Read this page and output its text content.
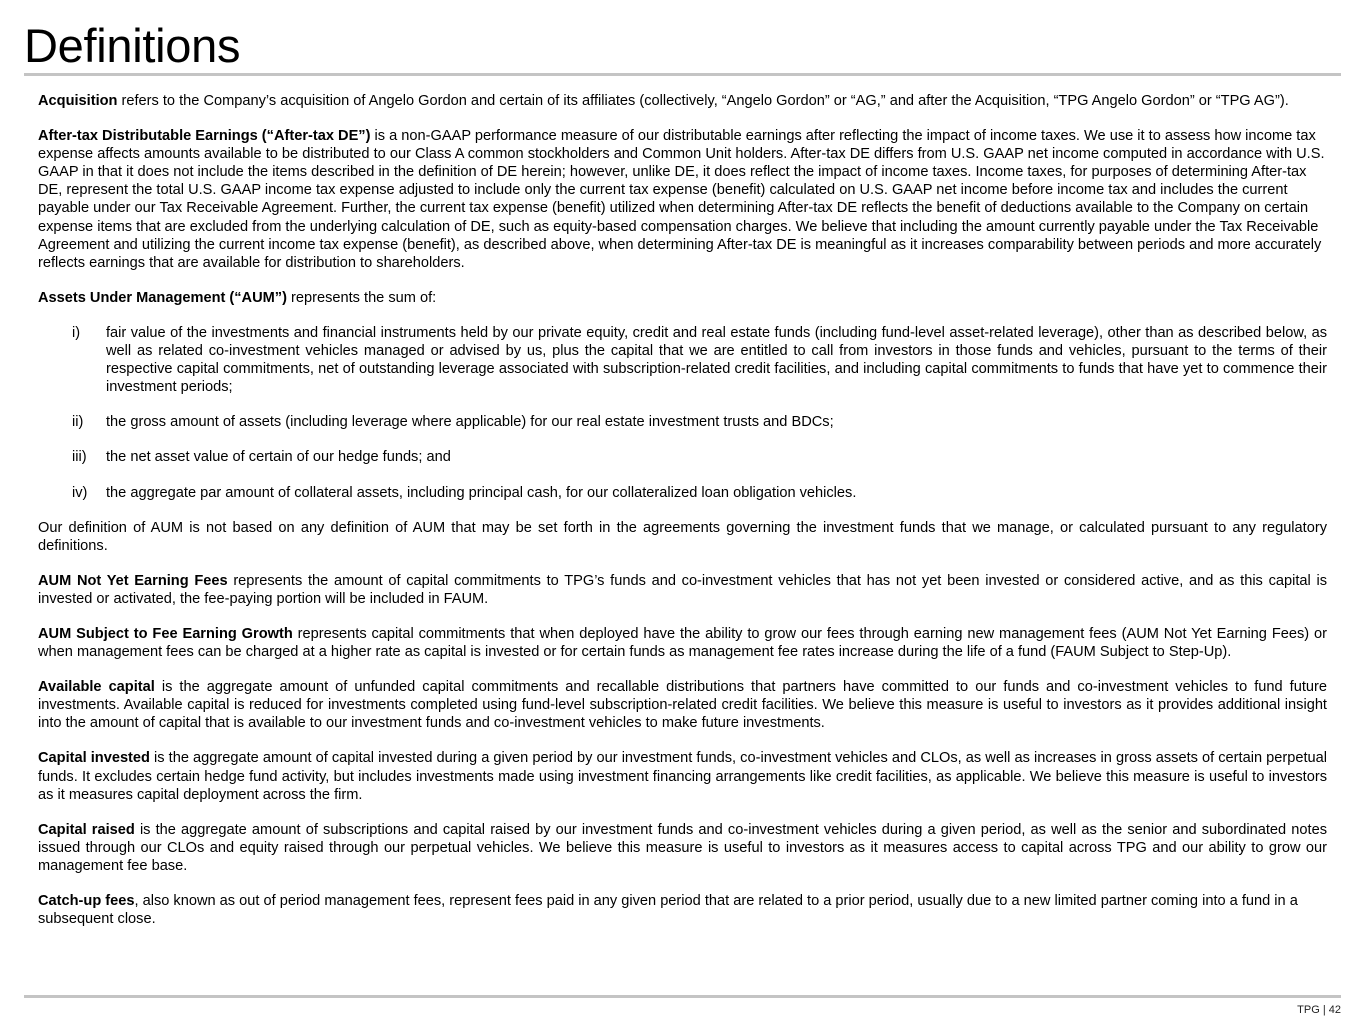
Definitions

Acquisition refers to the Company’s acquisition of Angelo Gordon and certain of its affiliates (collectively, “Angelo Gordon” or “AG,” and after the Acquisition, “TPG Angelo Gordon” or “TPG AG”).

After-tax Distributable Earnings (“After-tax DE”) is a non-GAAP performance measure of our distributable earnings after reflecting the impact of income taxes. We use it to assess how income tax expense affects amounts available to be distributed to our Class A common stockholders and Common Unit holders. After-tax DE differs from U.S. GAAP net income computed in accordance with U.S. GAAP in that it does not include the items described in the definition of DE herein; however, unlike DE, it does reflect the impact of income taxes. Income taxes, for purposes of determining After-tax DE, represent the total U.S. GAAP income tax expense adjusted to include only the current tax expense (benefit) calculated on U.S. GAAP net income before income tax and includes the current payable under our Tax Receivable Agreement. Further, the current tax expense (benefit) utilized when determining After-tax DE reflects the benefit of deductions available to the Company on certain expense items that are excluded from the underlying calculation of DE, such as equity-based compensation charges. We believe that including the amount currently payable under the Tax Receivable Agreement and utilizing the current income tax expense (benefit), as described above, when determining After-tax DE is meaningful as it increases comparability between periods and more accurately reflects earnings that are available for distribution to shareholders.

Assets Under Management (“AUM”) represents the sum of:

i)	fair value of the investments and financial instruments held by our private equity, credit and real estate funds (including fund-level asset-related leverage), other than as described below, as well as related co-investment vehicles managed or advised by us, plus the capital that we are entitled to call from investors in those funds and vehicles, pursuant to the terms of their respective capital commitments, net of outstanding leverage associated with subscription-related credit facilities, and including capital commitments to funds that have yet to commence their investment periods;
ii)	the gross amount of assets (including leverage where applicable) for our real estate investment trusts and BDCs;
iii)	the net asset value of certain of our hedge funds; and
iv)	the aggregate par amount of collateral assets, including principal cash, for our collateralized loan obligation vehicles.

Our definition of AUM is not based on any definition of AUM that may be set forth in the agreements governing the investment funds that we manage, or calculated pursuant to any regulatory definitions.

AUM Not Yet Earning Fees represents the amount of capital commitments to TPG’s funds and co-investment vehicles that has not yet been invested or considered active, and as this capital is invested or activated, the fee-paying portion will be included in FAUM.

AUM Subject to Fee Earning Growth represents capital commitments that when deployed have the ability to grow our fees through earning new management fees (AUM Not Yet Earning Fees) or when management fees can be charged at a higher rate as capital is invested or for certain funds as management fee rates increase during the life of a fund (FAUM Subject to Step-Up).

Available capital is the aggregate amount of unfunded capital commitments and recallable distributions that partners have committed to our funds and co-investment vehicles to fund future investments. Available capital is reduced for investments completed using fund-level subscription-related credit facilities. We believe this measure is useful to investors as it provides additional insight into the amount of capital that is available to our investment funds and co-investment vehicles to make future investments.

Capital invested is the aggregate amount of capital invested during a given period by our investment funds, co-investment vehicles and CLOs, as well as increases in gross assets of certain perpetual funds. It excludes certain hedge fund activity, but includes investments made using investment financing arrangements like credit facilities, as applicable. We believe this measure is useful to investors as it measures capital deployment across the firm.

Capital raised is the aggregate amount of subscriptions and capital raised by our investment funds and co-investment vehicles during a given period, as well as the senior and subordinated notes issued through our CLOs and equity raised through our perpetual vehicles. We believe this measure is useful to investors as it measures access to capital across TPG and our ability to grow our management fee base.

Catch-up fees, also known as out of period management fees, represent fees paid in any given period that are related to a prior period, usually due to a new limited partner coming into a fund in a subsequent close.

TPG | 42
